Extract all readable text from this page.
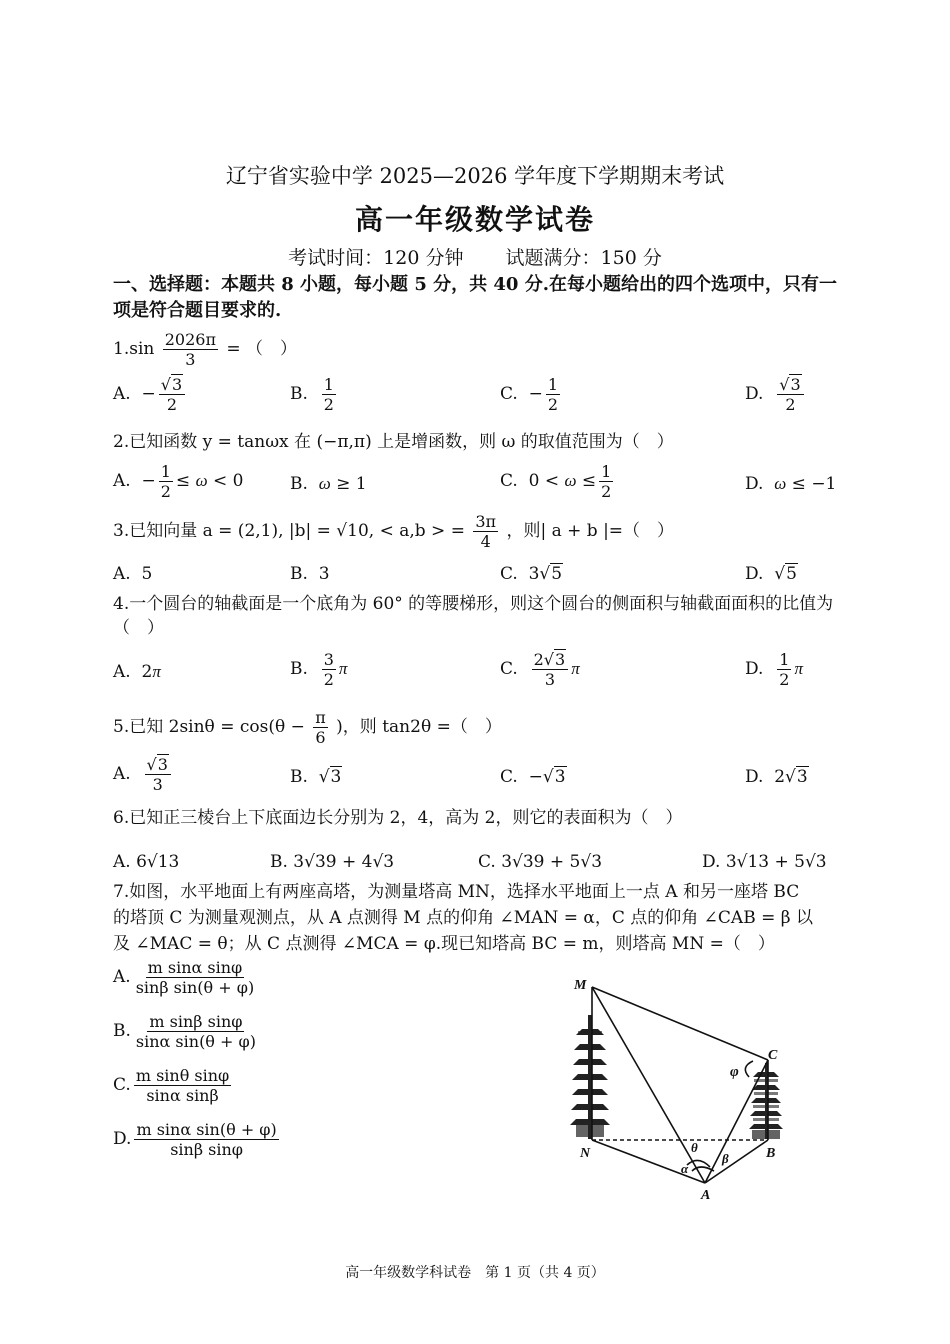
辽宁省实验中学 2025—2026 学年度下学期期末考试
高一年级数学试卷
考试时间：120 分钟 试题满分：150 分
一、选择题：本题共 8 小题，每小题 5 分，共 40 分.在每小题给出的四个选项中，只有一项是符合题目要求的.
$1.\sin \frac{2026\pi}{3}$ = （　）
A.  − $\frac{√3}{2}$	B. $\frac{1}{2}$	C.  − $\frac{1}{2}$	D. $\frac{√3}{2}$
2.已知函数 y = tanωx 在 (−π,π) 上是增函数，则 ω 的取值范围为（　）
A.  − $\frac{1}{2} \le \omega < 0$	B.  ω ≥ 1	C.  $0 < \omega \le \frac{1}{2}$	D.  ω ≤ −1
3.已知向量 a = (2,1), |b| = √10, < a,b > = $\frac{3\pi}{4}$ ，则| a + b |=（　）
A.  5	B.  3	C.  3√5	D.  √5
4.一个圆台的轴截面是一个底角为 60° 的等腰梯形，则这个圆台的侧面积与轴截面面积的比值为（　）
A.  2π	B. $\frac{3}{2}$ π	C. $\frac{2√3}{3}$ π	D. $\frac{1}{2}$ π
5.已知 $2\sin\theta = \cos(\theta - \frac{\pi}{6}$ )，则 tan2θ =（　）
A. $\frac{√3}{3}$	B.  √3	C.  −√3	D.  2√3
6.已知正三棱台上下底面边长分别为 2，4，高为 2，则它的表面积为（　）
A. 6√13	B. 3√39 + 4√3	C. 3√39 + 5√3	D. 3√13 + 5√3
7.如图，水平地面上有两座高塔，为测量塔高 MN，选择水平地面上一点 A 和另一座塔 BC
的塔顶 C 为测量观测点，从 A 点测得 M 点的仰角 ∠MAN = α，C 点的仰角 ∠CAB = β 以
及 ∠MAC = θ；从 C 点测得 ∠MCA = φ.现已知塔高 BC = m，则塔高 MN =（　）
A. $\frac{\text{m sinα sinφ}}{\text{sinβ sin(θ + φ)}}$
B. $\frac{\text{m sinβ sinφ}}{\text{sinα sin(θ + φ)}}$
C. $\frac{\text{m sinθ sinφ}}{\text{sinα sinβ}}$
D. $\frac{\text{m sinα sin(θ + φ)}}{\text{sinβ sinφ}}$
M
N
A
B
C
α
β
θ
φ
高一年级数学科试卷　第 1 页（共 4 页）
